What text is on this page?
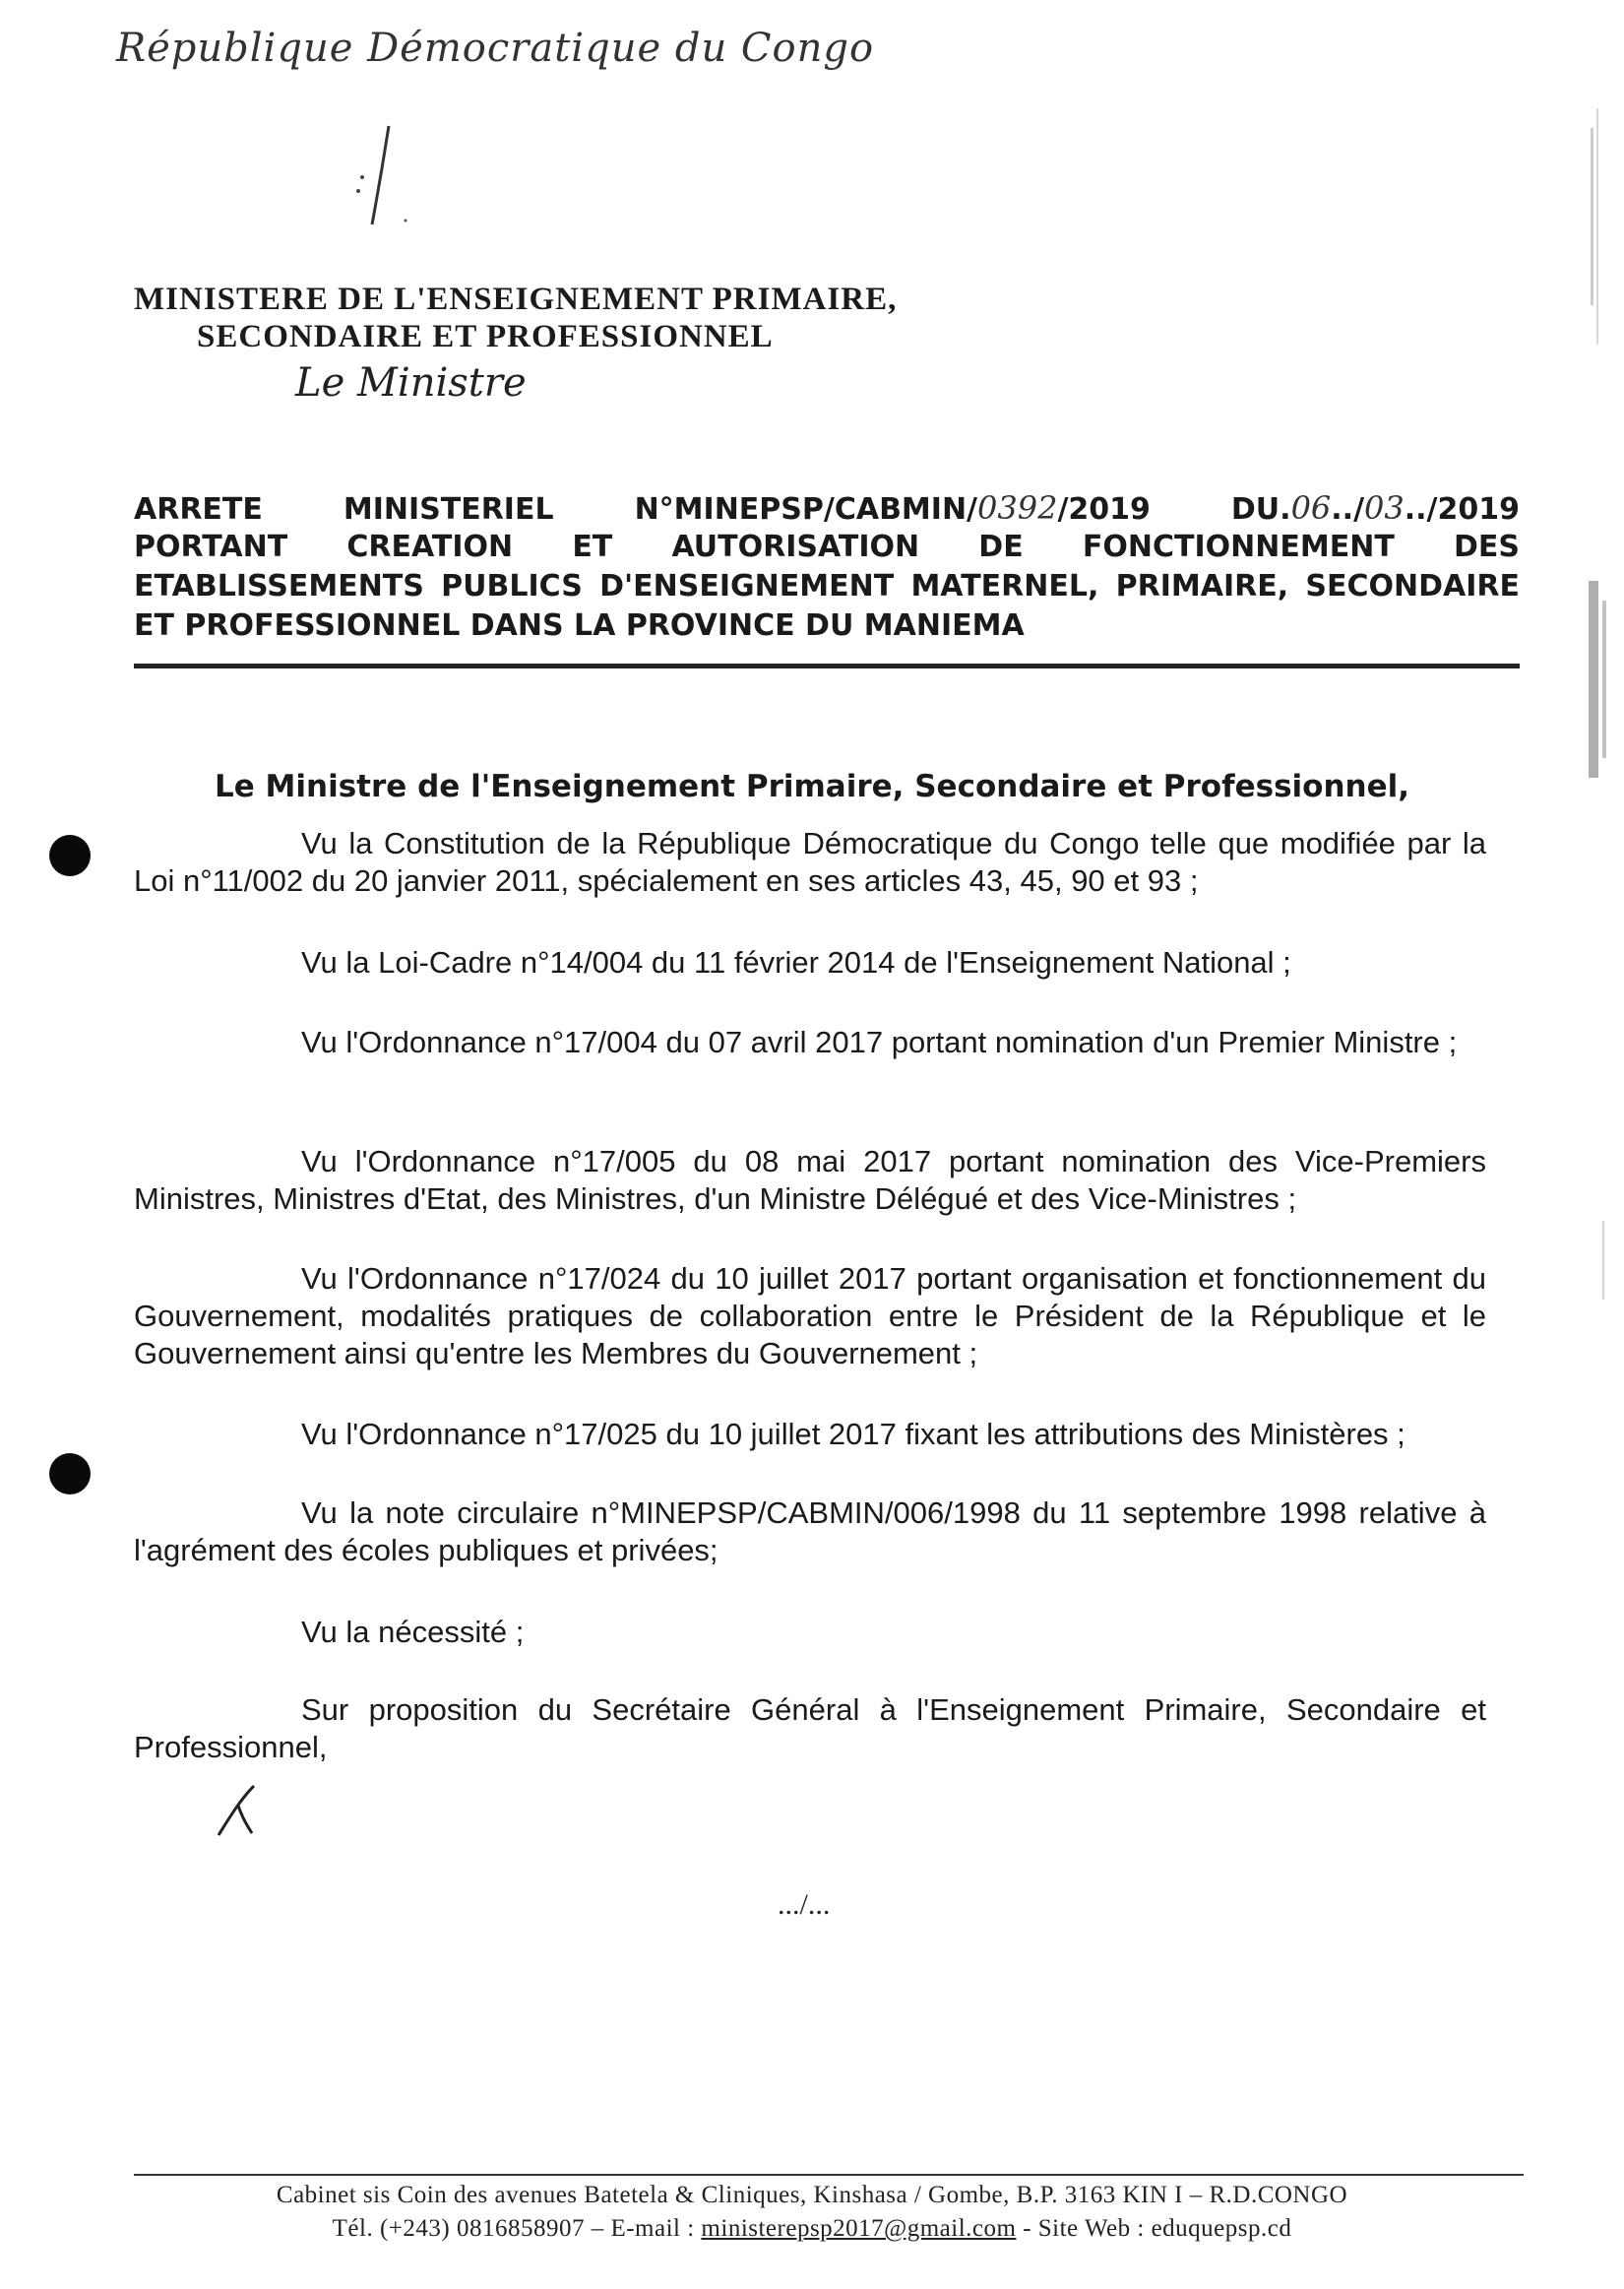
République Démocratique du Congo
MINISTERE DE L'ENSEIGNEMENT PRIMAIRE,
SECONDAIRE ET PROFESSIONNEL
Le Ministre
ARRETE MINISTERIEL N°MINEPSP/CABMIN/0392/2019 DU.06../03../2019
PORTANT CREATION ET AUTORISATION DE FONCTIONNEMENT DES
ETABLISSEMENTS PUBLICS D'ENSEIGNEMENT MATERNEL, PRIMAIRE, SECONDAIRE
ET PROFESSIONNEL DANS LA PROVINCE DU MANIEMA
Le Ministre de l'Enseignement Primaire, Secondaire et Professionnel,
Vu la Constitution de la République Démocratique du Congo telle que modifiée par la Loi n°11/002 du 20 janvier 2011, spécialement en ses articles 43, 45, 90 et 93 ;
Vu la Loi-Cadre n°14/004 du 11 février 2014 de l'Enseignement National ;
Vu l'Ordonnance n°17/004 du 07 avril 2017 portant nomination d'un Premier Ministre ;
Vu l'Ordonnance n°17/005 du 08 mai 2017 portant nomination des Vice-Premiers Ministres, Ministres d'Etat, des Ministres, d'un Ministre Délégué et des Vice-Ministres ;
Vu l'Ordonnance n°17/024 du 10 juillet 2017 portant organisation et fonctionnement du Gouvernement, modalités pratiques de collaboration entre le Président de la République et le Gouvernement ainsi qu'entre les Membres du Gouvernement ;
Vu l'Ordonnance n°17/025 du 10 juillet 2017 fixant les attributions des Ministères ;
Vu la note circulaire n°MINEPSP/CABMIN/006/1998 du 11 septembre 1998 relative à l'agrément des écoles publiques et privées;
Vu la nécessité ;
Sur proposition du Secrétaire Général à l'Enseignement Primaire, Secondaire et Professionnel,
.../...
Cabinet sis Coin des avenues Batetela & Cliniques, Kinshasa / Gombe, B.P. 3163 KIN I – R.D.CONGO
Tél. (+243) 0816858907 – E-mail : ministerepsp2017@gmail.com - Site Web : eduquepsp.cd
